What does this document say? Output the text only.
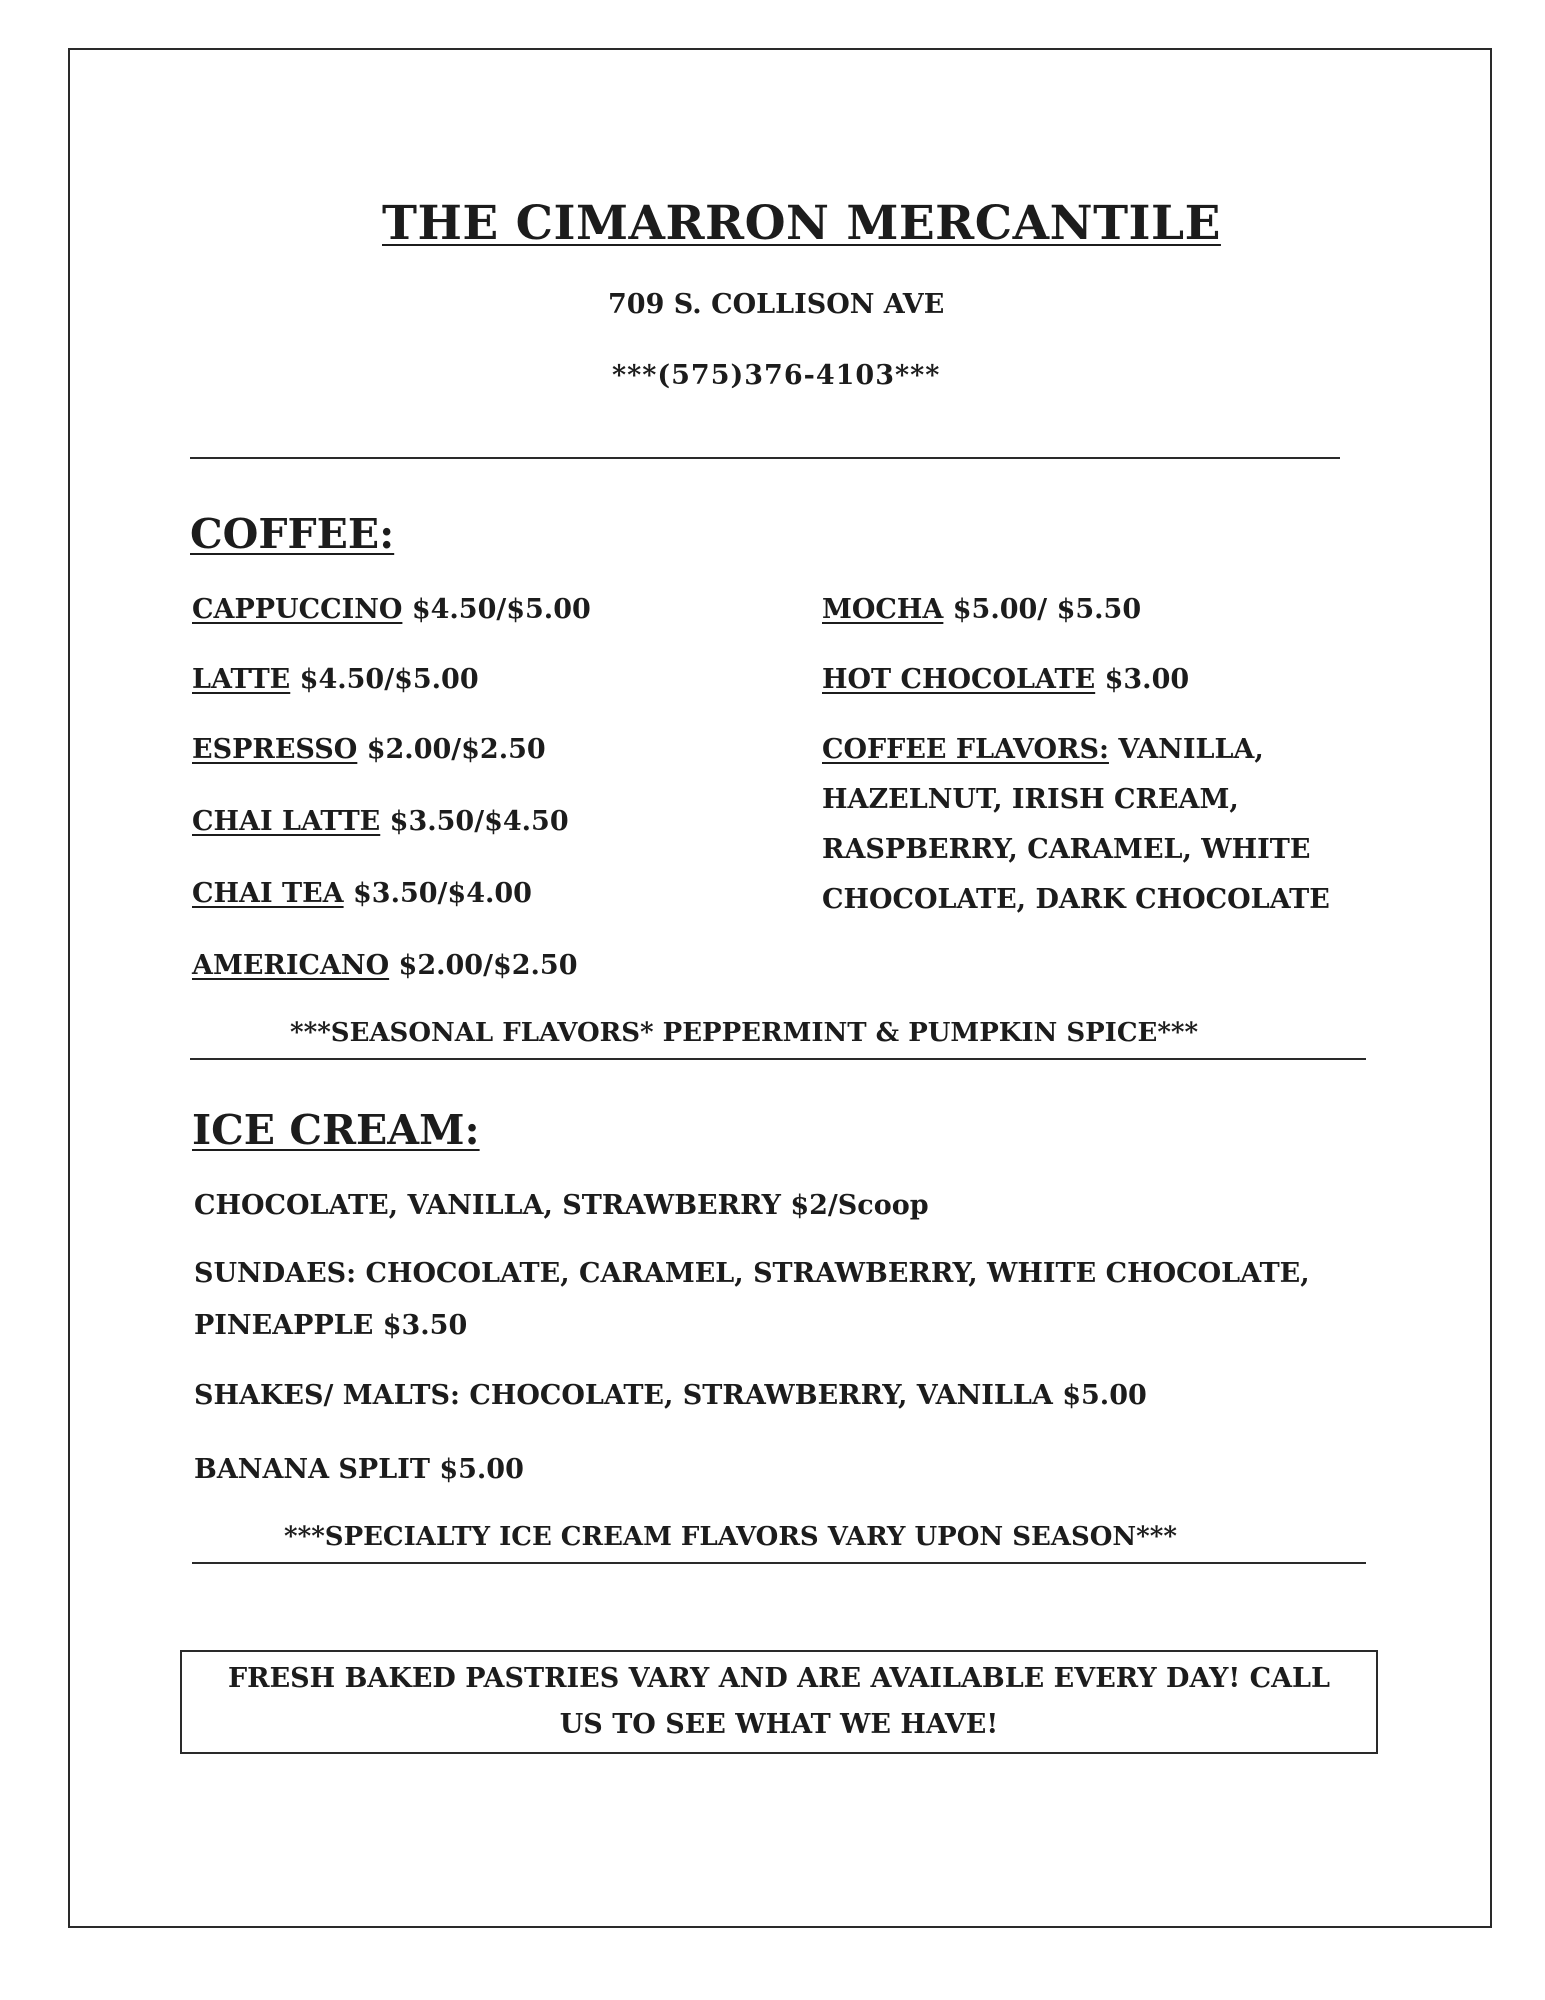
THE CIMARRON MERCANTILE
709 S. COLLISON AVE
***(575)376-4103***
COFFEE:
CAPPUCCINO $4.50/$5.00
LATTE $4.50/$5.00
ESPRESSO $2.00/$2.50
CHAI LATTE $3.50/$4.50
CHAI TEA $3.50/$4.00
AMERICANO $2.00/$2.50
MOCHA $5.00/ $5.50
HOT CHOCOLATE $3.00
COFFEE FLAVORS: VANILLA,
HAZELNUT, IRISH CREAM,
RASPBERRY, CARAMEL, WHITE
CHOCOLATE, DARK CHOCOLATE
***SEASONAL FLAVORS* PEPPERMINT & PUMPKIN SPICE***
ICE CREAM:
CHOCOLATE, VANILLA, STRAWBERRY $2/Scoop
SUNDAES: CHOCOLATE, CARAMEL, STRAWBERRY, WHITE CHOCOLATE,
PINEAPPLE $3.50
SHAKES/ MALTS: CHOCOLATE, STRAWBERRY, VANILLA $5.00
BANANA SPLIT $5.00
***SPECIALTY ICE CREAM FLAVORS VARY UPON SEASON***
FRESH BAKED PASTRIES VARY AND ARE AVAILABLE EVERY DAY! CALL
US TO SEE WHAT WE HAVE!
